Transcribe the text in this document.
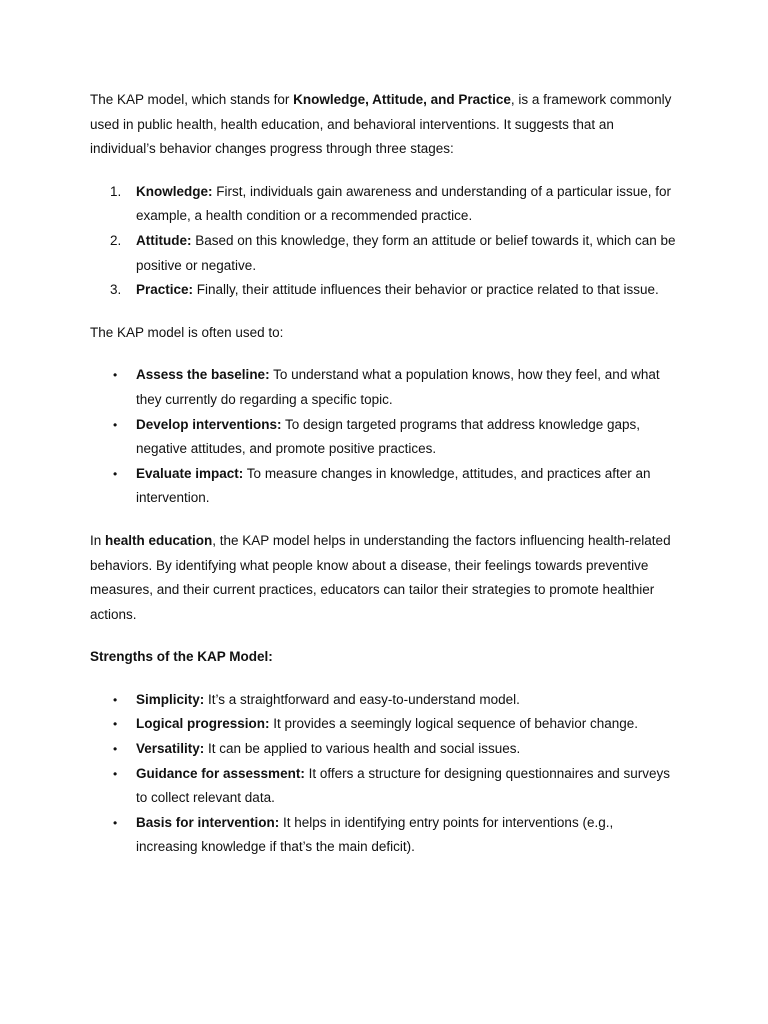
The KAP model, which stands for Knowledge, Attitude, and Practice, is a framework commonly used in public health, health education, and behavioral interventions. It suggests that an individual’s behavior changes progress through three stages:

1. Knowledge: First, individuals gain awareness and understanding of a particular issue, for example, a health condition or a recommended practice.
2. Attitude: Based on this knowledge, they form an attitude or belief towards it, which can be positive or negative.
3. Practice: Finally, their attitude influences their behavior or practice related to that issue.

The KAP model is often used to:

• Assess the baseline: To understand what a population knows, how they feel, and what they currently do regarding a specific topic.
• Develop interventions: To design targeted programs that address knowledge gaps, negative attitudes, and promote positive practices.
• Evaluate impact: To measure changes in knowledge, attitudes, and practices after an intervention.

In health education, the KAP model helps in understanding the factors influencing health-related behaviors. By identifying what people know about a disease, their feelings towards preventive measures, and their current practices, educators can tailor their strategies to promote healthier actions.

Strengths of the KAP Model:

• Simplicity: It’s a straightforward and easy-to-understand model.
• Logical progression: It provides a seemingly logical sequence of behavior change.
• Versatility: It can be applied to various health and social issues.
• Guidance for assessment: It offers a structure for designing questionnaires and surveys to collect relevant data.
• Basis for intervention: It helps in identifying entry points for interventions (e.g., increasing knowledge if that’s the main deficit).
